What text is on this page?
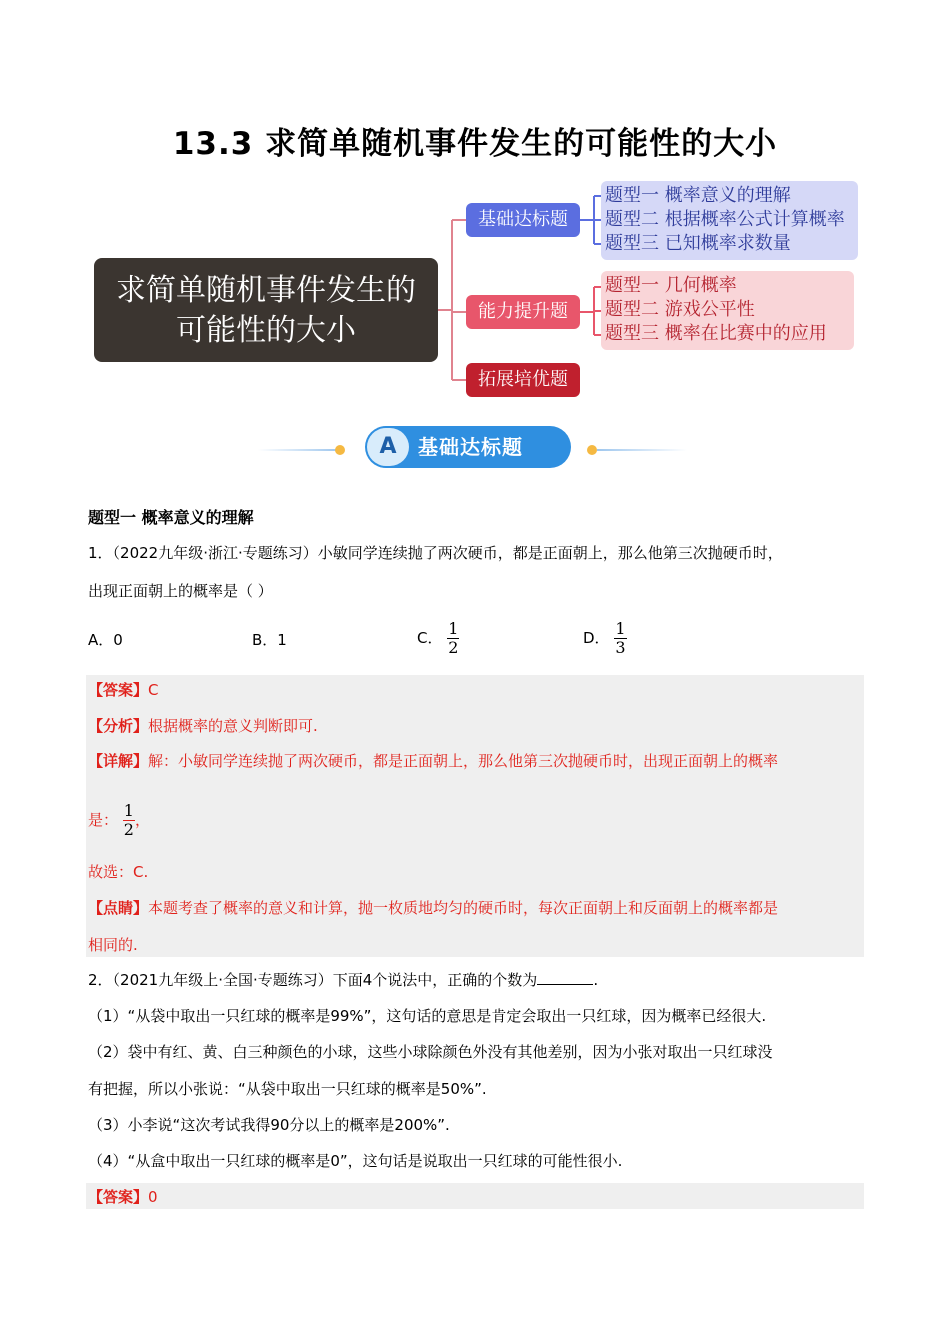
13.3 求简单随机事件发生的可能性的大小
求简单随机事件发生的
可能性的大小
基础达标题
能力提升题
拓展培优题
题型一 概率意义的理解
题型二 根据概率公式计算概率
题型三 已知概率求数量
题型一 几何概率
题型二 游戏公平性
题型三 概率在比赛中的应用
A	基础达标题
题型一 概率意义的理解
1．（2022九年级·浙江·专题练习）小敏同学连续抛了两次硬币，都是正面朝上，那么他第三次抛硬币时，
出现正面朝上的概率是（ ）
A．0	B．1	C． $\frac{1}{2}$	D． $\frac{1}{3}$
【答案】C
【分析】根据概率的意义判断即可.
【详解】解：小敏同学连续抛了两次硬币，都是正面朝上，那么他第三次抛硬币时，出现正面朝上的概率
是： $\frac{1}{2}$ ，
故选：C.
【点睛】本题考查了概率的意义和计算，抛一枚质地均匀的硬币时，每次正面朝上和反面朝上的概率都是
相同的.
2．（2021九年级上·全国·专题练习）下面4个说法中，正确的个数为	.
（1）“从袋中取出一只红球的概率是99%”，这句话的意思是肯定会取出一只红球，因为概率已经很大.
（2）袋中有红、黄、白三种颜色的小球，这些小球除颜色外没有其他差别，因为小张对取出一只红球没
有把握，所以小张说：“从袋中取出一只红球的概率是50%”.
（3）小李说“这次考试我得90分以上的概率是200%”.
（4）“从盒中取出一只红球的概率是0”，这句话是说取出一只红球的可能性很小.
【答案】0
